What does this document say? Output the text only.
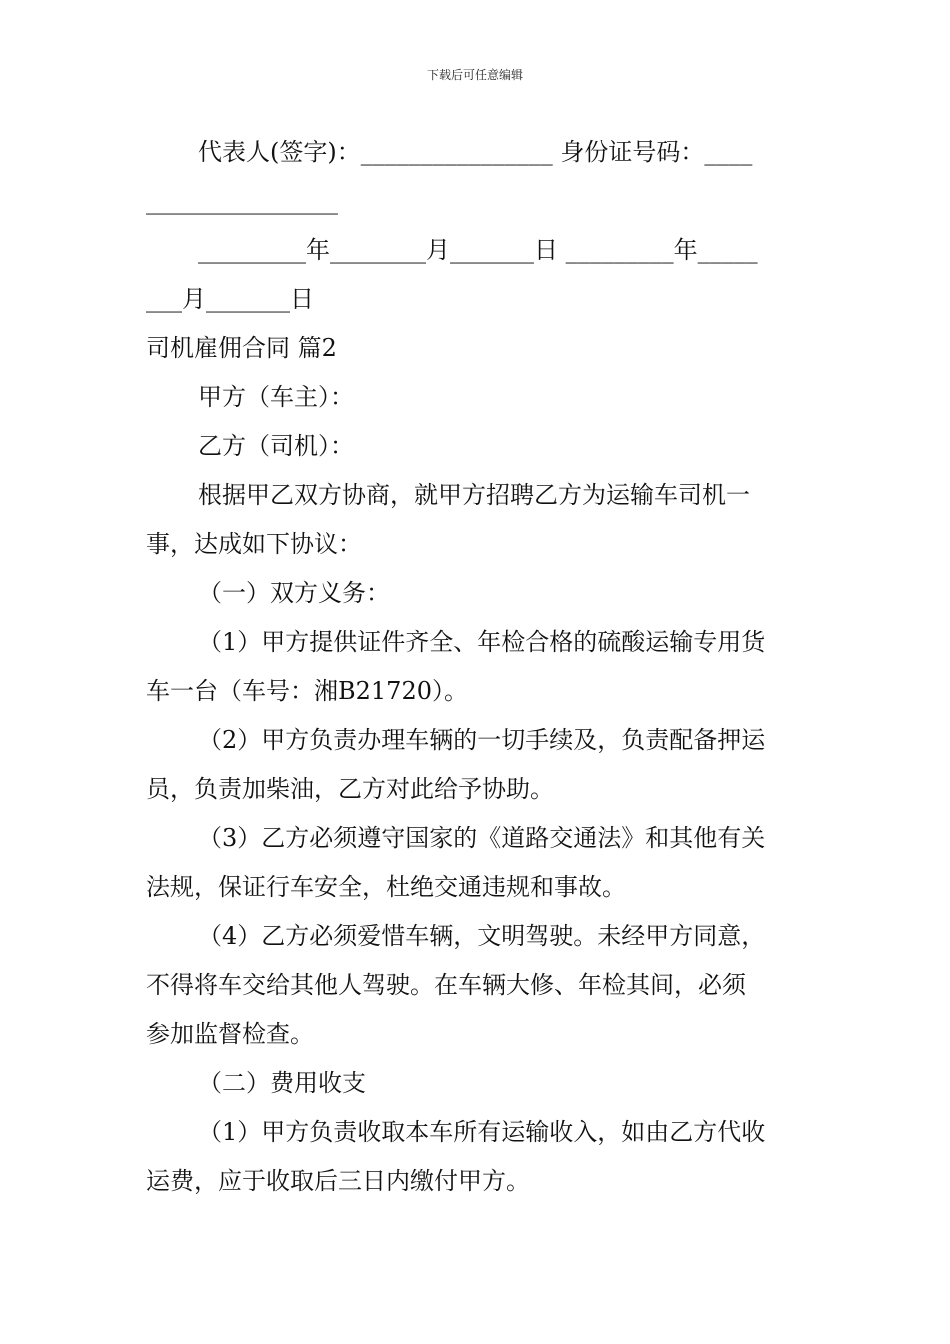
下载后可任意编辑

代表人(签字)：________________ 身份证号码：____

________________

_________年________月_______日 _________年_____

___月_______日

司机雇佣合同 篇2

甲方（车主）：

乙方（司机）：

根据甲乙双方协商，就甲方招聘乙方为运输车司机一

事，达成如下协议：

（一）双方义务：

（1）甲方提供证件齐全、年检合格的硫酸运输专用货

车一台（车号：湘B21720）。

（2）甲方负责办理车辆的一切手续及，负责配备押运

员，负责加柴油，乙方对此给予协助。

（3）乙方必须遵守国家的《道路交通法》和其他有关

法规，保证行车安全，杜绝交通违规和事故。

（4）乙方必须爱惜车辆，文明驾驶。未经甲方同意，

不得将车交给其他人驾驶。在车辆大修、年检其间，必须

参加监督检查。

（二）费用收支

（1）甲方负责收取本车所有运输收入，如由乙方代收

运费，应于收取后三日内缴付甲方。
